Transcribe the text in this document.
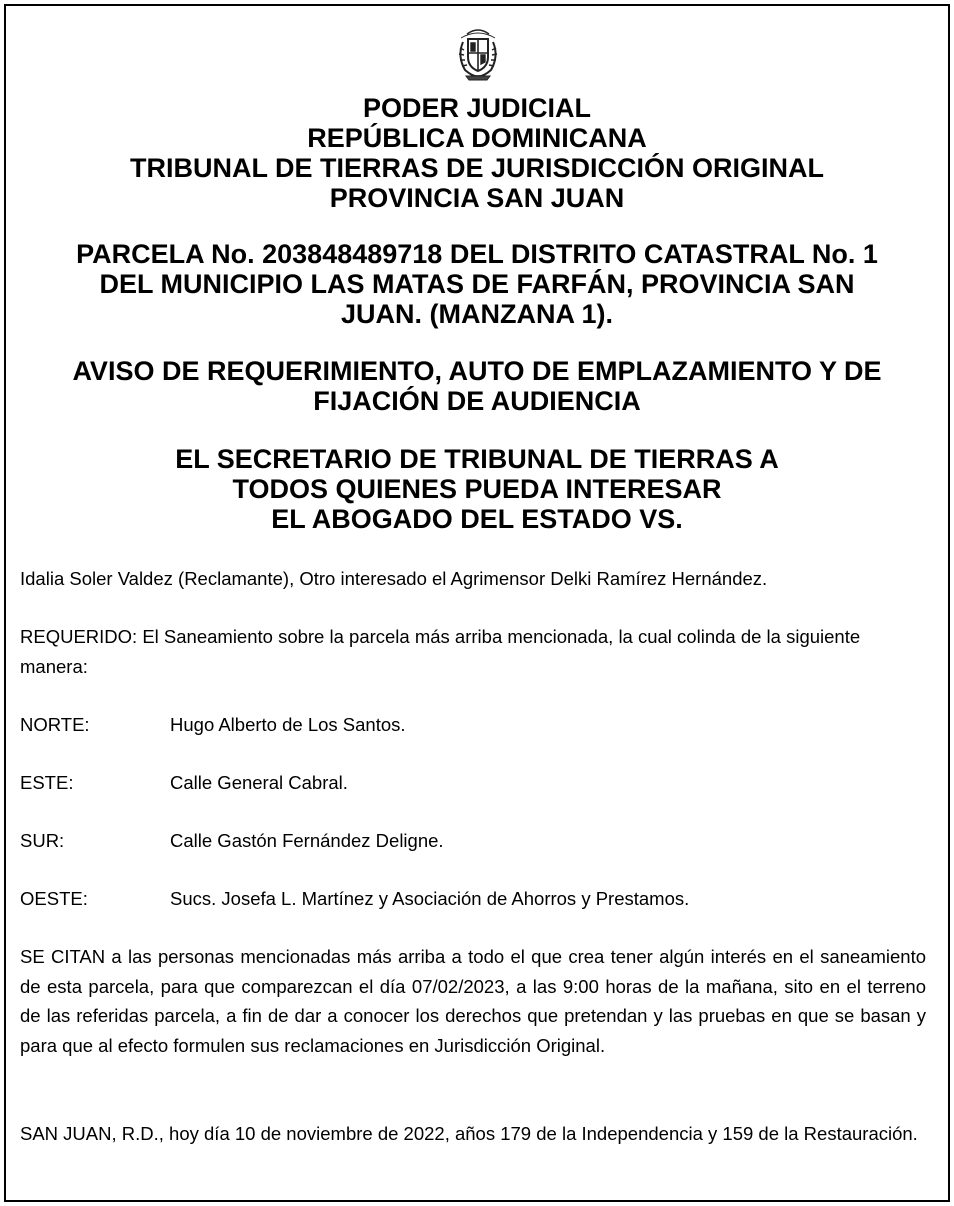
PODER JUDICIAL
REPÚBLICA DOMINICANA
TRIBUNAL DE TIERRAS DE JURISDICCIÓN ORIGINAL
PROVINCIA SAN JUAN
PARCELA No. 203848489718 DEL DISTRITO CATASTRAL No. 1
DEL MUNICIPIO LAS MATAS DE FARFÁN, PROVINCIA SAN
JUAN. (MANZANA 1).
AVISO DE REQUERIMIENTO, AUTO DE EMPLAZAMIENTO Y DE
FIJACIÓN DE AUDIENCIA
EL SECRETARIO DE TRIBUNAL DE TIERRAS A
TODOS QUIENES PUEDA INTERESAR
EL ABOGADO DEL ESTADO VS.
Idalia Soler Valdez (Reclamante), Otro interesado el Agrimensor Delki Ramírez Hernández.
REQUERIDO: El Saneamiento sobre la parcela más arriba mencionada, la cual colinda de la siguiente manera:
NORTE:	Hugo Alberto de Los Santos.
ESTE:	Calle General Cabral.
SUR:	Calle Gastón Fernández Deligne.
OESTE:	Sucs. Josefa L. Martínez y Asociación de Ahorros y Prestamos.
SE CITAN a las personas mencionadas más arriba a todo el que crea tener algún interés en el saneamiento de esta parcela, para que comparezcan el día 07/02/2023, a las 9:00 horas de la mañana, sito en el terreno de las referidas parcela, a fin de dar a conocer los derechos que pretendan y las pruebas en que se basan y para que al efecto formulen sus reclamaciones en Jurisdicción Original.
SAN JUAN, R.D., hoy día 10 de noviembre de 2022, años 179 de la Independencia y 159 de la Restauración.
